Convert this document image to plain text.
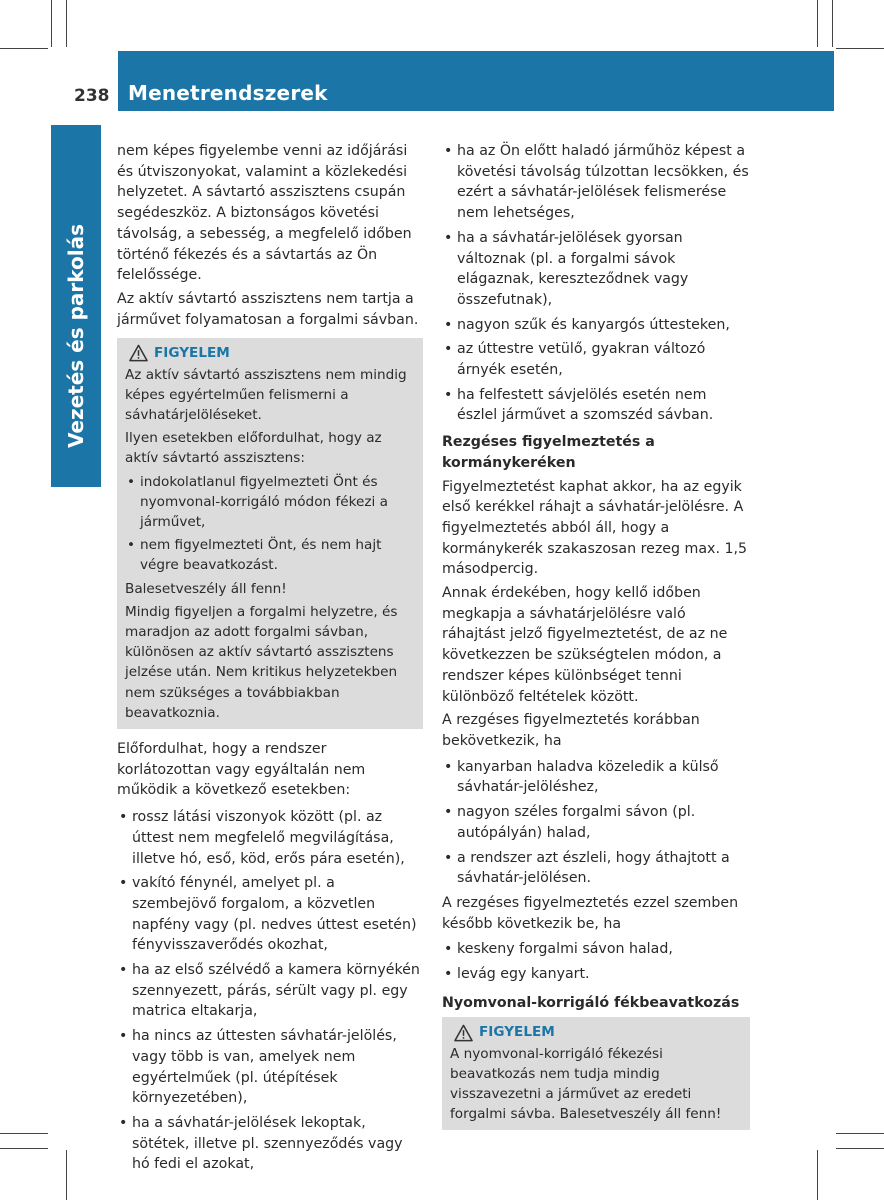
238 Menetrendszerek
Vezetés és parkolás

nem képes figyelembe venni az időjárási és útviszonyokat, valamint a közlekedési helyzetet. A sávtartó asszisztens csupán segédeszköz. A biztonságos követési távolság, a sebesség, a megfelelő időben történő fékezés és a sávtartás az Ön felelőssége.

Az aktív sávtartó asszisztens nem tartja a járművet folyamatosan a forgalmi sávban.

FIGYELEM

Az aktív sávtartó asszisztens nem mindig képes egyértelműen felismerni a sávhatárjelöléseket.

Ilyen esetekben előfordulhat, hogy az aktív sávtartó asszisztens:

• indokolatlanul figyelmezteti Önt és nyomvonal-korrigáló módon fékezi a járművet,
• nem figyelmezteti Önt, és nem hajt végre beavatkozást.

Balesetveszély áll fenn!

Mindig figyeljen a forgalmi helyzetre, és maradjon az adott forgalmi sávban, különösen az aktív sávtartó asszisztens jelzése után. Nem kritikus helyzetekben nem szükséges a továbbiakban beavatkoznia.

Előfordulhat, hogy a rendszer korlátozottan vagy egyáltalán nem működik a következő esetekben:

• rossz látási viszonyok között (pl. az úttest nem megfelelő megvilágítása, illetve hó, eső, köd, erős pára esetén),
• vakító fénynél, amelyet pl. a szembejövő forgalom, a közvetlen napfény vagy (pl. nedves úttest esetén) fényvisszaverődés okozhat,
• ha az első szélvédő a kamera környékén szennyezett, párás, sérült vagy pl. egy matrica eltakarja,
• ha nincs az úttesten sávhatár-jelölés, vagy több is van, amelyek nem egyértelműek (pl. útépítések környezetében),
• ha a sávhatár-jelölések lekoptak, sötétek, illetve pl. szennyeződés vagy hó fedi el azokat,
• ha az Ön előtt haladó járműhöz képest a követési távolság túlzottan lecsökken, és ezért a sávhatár-jelölések felismerése nem lehetséges,
• ha a sávhatár-jelölések gyorsan változnak (pl. a forgalmi sávok elágaznak, kereszteződnek vagy összefutnak),
• nagyon szűk és kanyargós úttesteken,
• az úttestre vetülő, gyakran változó árnyék esetén,
• ha felfestett sávjelölés esetén nem észlel járművet a szomszéd sávban.
Rezgéses figyelmeztetés a kormánykeréken

Figyelmeztetést kaphat akkor, ha az egyik első kerékkel ráhajt a sávhatár-jelölésre. A figyelmeztetés abból áll, hogy a kormánykerék szakaszosan rezeg max. 1,5 másodpercig.

Annak érdekében, hogy kellő időben megkapja a sávhatárjelölésre való ráhajtást jelző figyelmeztetést, de az ne következzen be szükségtelen módon, a rendszer képes különbséget tenni különböző feltételek között.

A rezgéses figyelmeztetés korábban bekövetkezik, ha

• kanyarban haladva közeledik a külső sávhatár-jelöléshez,
• nagyon széles forgalmi sávon (pl. autópályán) halad,
• a rendszer azt észleli, hogy áthajtott a sávhatár-jelölésen.

A rezgéses figyelmeztetés ezzel szemben később következik be, ha

• keskeny forgalmi sávon halad,
• levág egy kanyart.
Nyomvonal-korrigáló fékbeavatkozás
FIGYELEM

A nyomvonal-korrigáló fékezési beavatkozás nem tudja mindig visszavezetni a járművet az eredeti forgalmi sávba. Balesetveszély áll fenn!
